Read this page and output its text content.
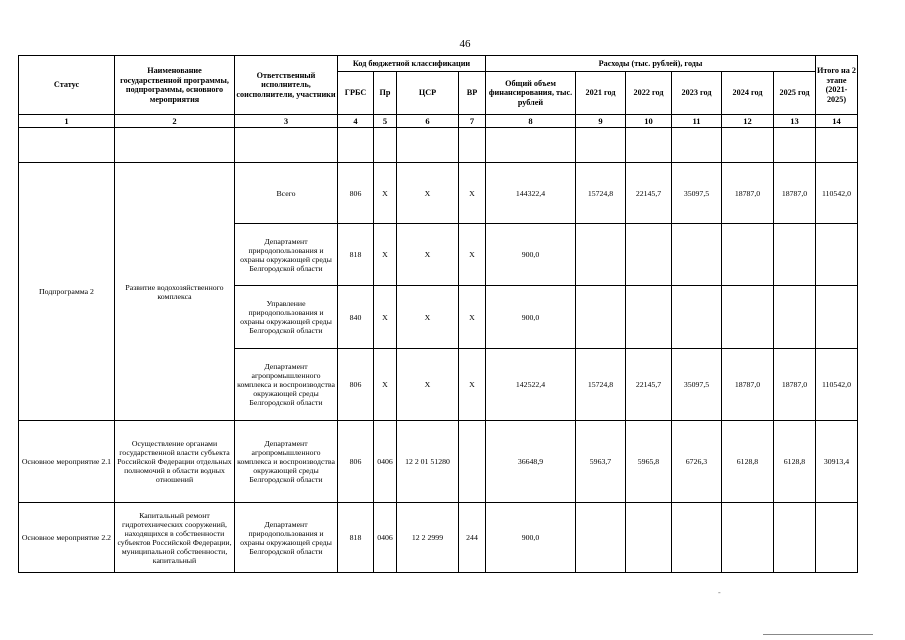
46
Статус	Наименование государственной программы, подпрограммы, основного мероприятия	Ответственный исполнитель, соисполнители, участники	Код бюджетной классификации				Расходы (тыс. рублей), годы						Итого на 2 этапе (2021-2025)
			ГРБС	Пр	ЦСР	ВР	Общий объем финансирования, тыс. рублей	2021 год	2022 год	2023 год	2024 год	2025 год	
1	2	3	4	5	6	7	8	9	10	11	12	13	14

Подпрограмма 2	Развитие водохозяйственного комплекса	Всего	806	Х	Х	Х	144322,4	15724,8	22145,7	35097,5	18787,0	18787,0	110542,0
		Департамент природопользования и охраны окружающей среды Белгородской области	818	Х	Х	Х	900,0						
		Управление природопользования и охраны окружающей среды Белгородской области	840	Х	Х	Х	900,0						
		Департамент агропромышленного комплекса и воспроизводства окружающей среды Белгородской области	806	Х	Х	Х	142522,4	15724,8	22145,7	35097,5	18787,0	18787,0	110542,0
Основное мероприятие 2.1	Осуществление органами государственной власти субъекта Российской Федерации отдельных полномочий в области водных отношений	Департамент агропромышленного комплекса и воспроизводства окружающей среды Белгородской области	806	0406	12 2 01 51280		36648,9	5963,7	5965,8	6726,3	6128,8	6128,8	30913,4
Основное мероприятие 2.2	Капитальный ремонт гидротехнических сооружений, находящихся в собственности субъектов Российской Федерации, муниципальной собственности, капитальный	Департамент природопользования и охраны окружающей среды Белгородской области	818	0406	12 2 2999	244	900,0						
-
